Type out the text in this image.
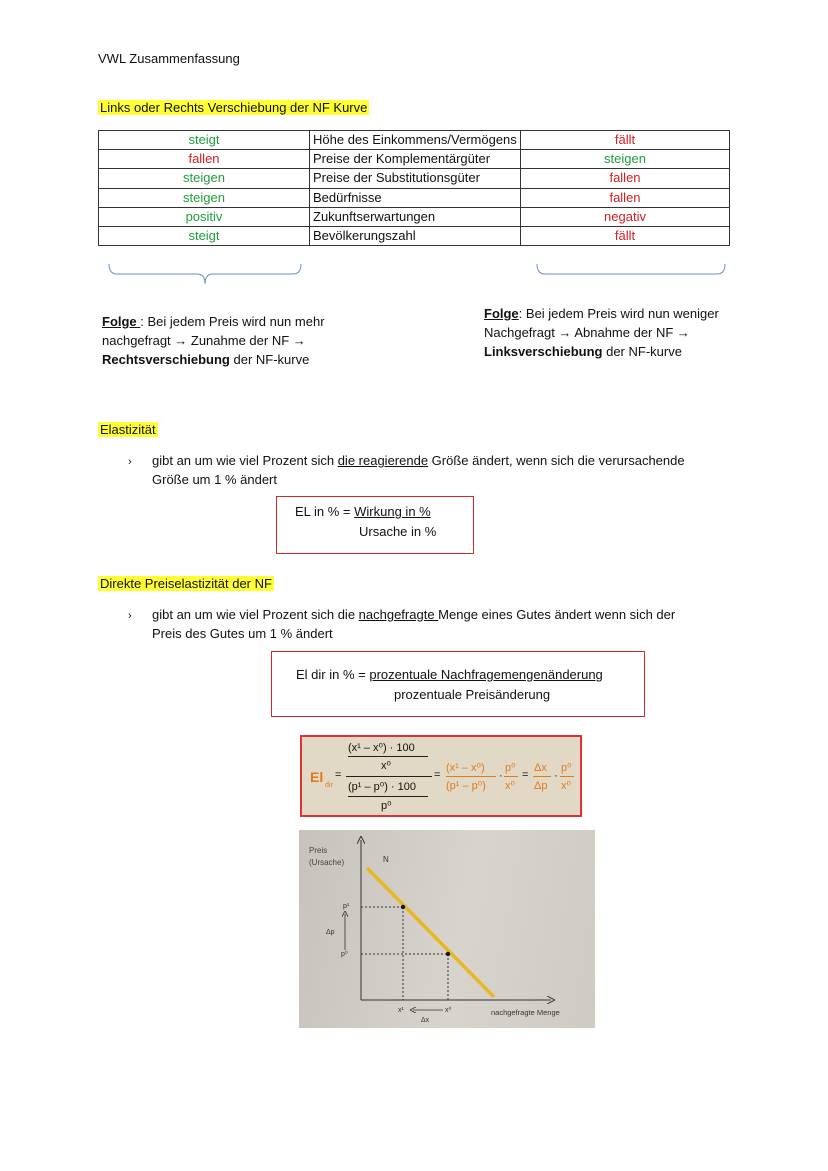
VWL Zusammenfassung
Links oder Rechts Verschiebung der NF Kurve
steigt	Höhe des Einkommens/Vermögens	fällt
fallen	Preise der Komplementärgüter	steigen
steigen	Preise der Substitutionsgüter	fallen
steigen	Bedürfnisse	fallen
positiv	Zukunftserwartungen	negativ
steigt	Bevölkerungszahl	fällt
Folge : Bei jedem Preis wird nun mehr
nachgefragt → Zunahme der NF →
Rechtsverschiebung der NF-kurve
Folge: Bei jedem Preis wird nun weniger
Nachgefragt → Abnahme der NF →
Linksverschiebung der NF-kurve
Elastizität
› gibt an um wie viel Prozent sich die reagierende Größe ändert, wenn sich die verursachende
Größe um 1 % ändert
EL in % = Wirkung in %
Ursache in %
Direkte Preiselastizität der NF
› gibt an um wie viel Prozent sich die nachgefragte Menge eines Gutes ändert wenn sich der
Preis des Gutes um 1 % ändert
El dir in % = prozentuale Nachfragemengenänderung
prozentuale Preisänderung
El
dir
=
(x¹ – x⁰) · 100
x⁰
(p¹ – p⁰) · 100
p⁰
=
(x¹ – x⁰)
(p¹ – p⁰)
·
p⁰
x⁰
=
Δx
Δp
·
p⁰
x⁰
Preis
(Ursache)	N
p¹
p⁰
Δp
x¹	x⁰
Δx
nachgefragte Menge
